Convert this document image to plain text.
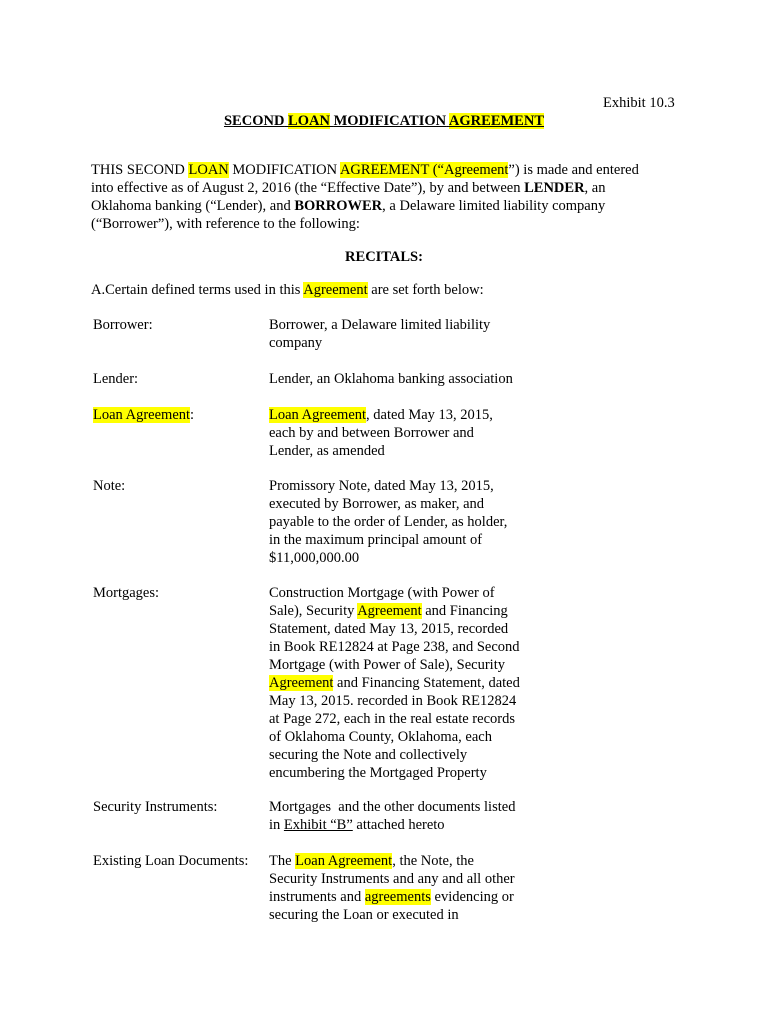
Exhibit 10.3
SECOND LOAN MODIFICATION AGREEMENT
THIS SECOND LOAN MODIFICATION AGREEMENT (“Agreement”) is made and entered
into effective as of August 2, 2016 (the “Effective Date”), by and between LENDER, an
Oklahoma banking (“Lender), and BORROWER, a Delaware limited liability company
(“Borrower”), with reference to the following:
RECITALS:
A.Certain defined terms used in this Agreement are set forth below:
Borrower:	Borrower, a Delaware limited liability
company
Lender:	Lender, an Oklahoma banking association
Loan Agreement:	Loan Agreement, dated May 13, 2015,
each by and between Borrower and
Lender, as amended
Note:	Promissory Note, dated May 13, 2015,
executed by Borrower, as maker, and
payable to the order of Lender, as holder,
in the maximum principal amount of
$11,000,000.00
Mortgages:	Construction Mortgage (with Power of
Sale), Security Agreement and Financing
Statement, dated May 13, 2015, recorded
in Book RE12824 at Page 238, and Second
Mortgage (with Power of Sale), Security
Agreement and Financing Statement, dated
May 13, 2015. recorded in Book RE12824
at Page 272, each in the real estate records
of Oklahoma County, Oklahoma, each
securing the Note and collectively
encumbering the Mortgaged Property
Security Instruments:	Mortgages  and the other documents listed
in Exhibit “B” attached hereto
Existing Loan Documents:	The Loan Agreement, the Note, the
Security Instruments and any and all other
instruments and agreements evidencing or
securing the Loan or executed in
